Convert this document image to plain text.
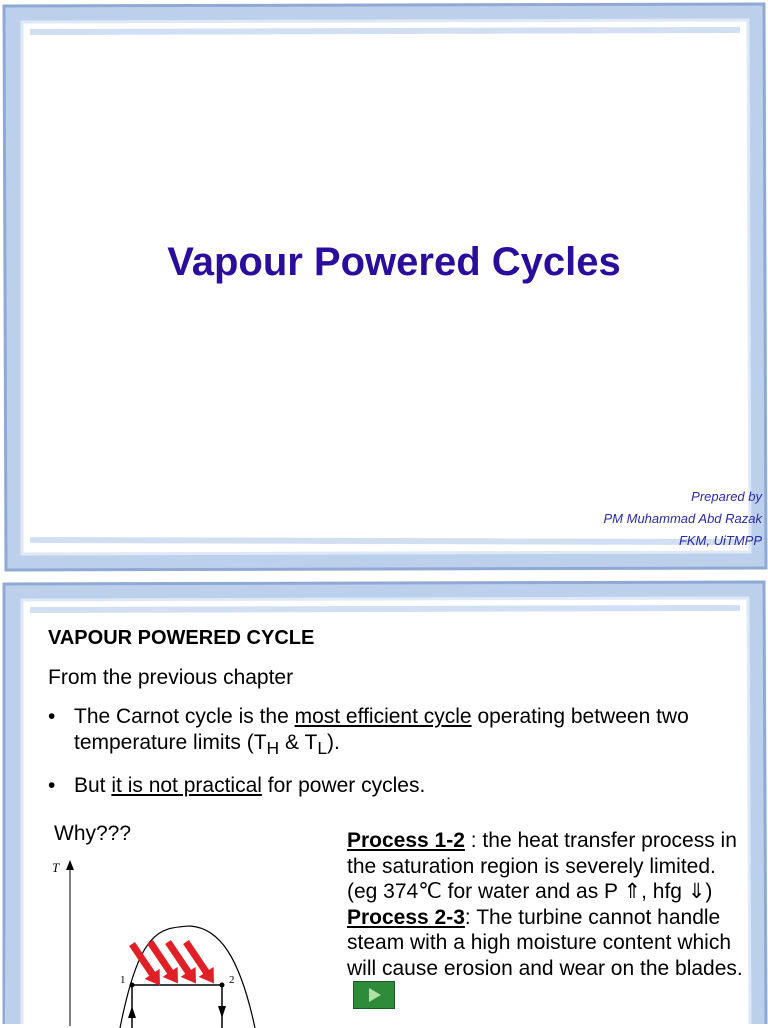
Vapour Powered Cycles
Prepared by
PM Muhammad Abd Razak
FKM, UiTMPP
VAPOUR POWERED CYCLE
From the previous chapter
• The Carnot cycle is the most efficient cycle operating between two temperature limits ($T_H$ & $T_L$).
• But it is not practical for power cycles.
Why???	Process 1-2 : the heat transfer process in the saturation region is severely limited. (eg 374℃ for water and as P ⇑, hfg ⇓)
Process 2-3: The turbine cannot handle steam with a high moisture content which will cause erosion and wear on the blades.
T
1	2
